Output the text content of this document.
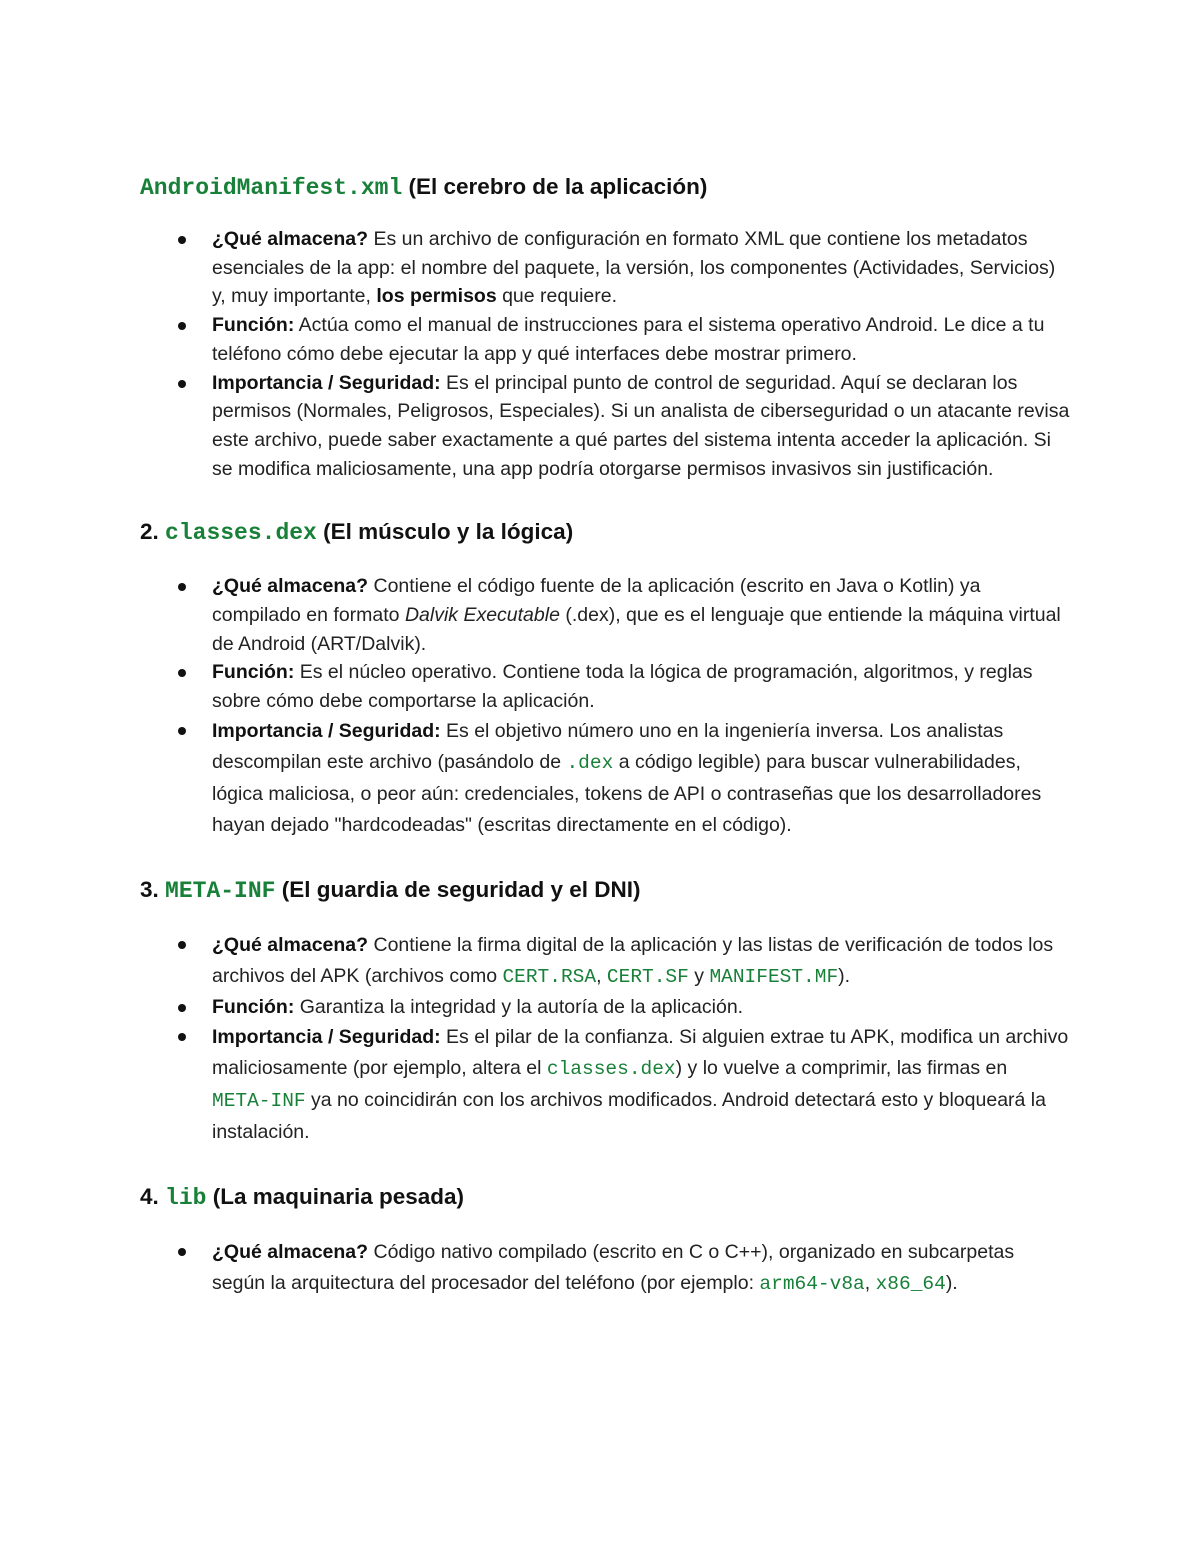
AndroidManifest.xml (El cerebro de la aplicación)
¿Qué almacena? Es un archivo de configuración en formato XML que contiene los metadatos esenciales de la app: el nombre del paquete, la versión, los componentes (Actividades, Servicios) y, muy importante, los permisos que requiere.
Función: Actúa como el manual de instrucciones para el sistema operativo Android. Le dice a tu teléfono cómo debe ejecutar la app y qué interfaces debe mostrar primero.
Importancia / Seguridad: Es el principal punto de control de seguridad. Aquí se declaran los permisos (Normales, Peligrosos, Especiales). Si un analista de ciberseguridad o un atacante revisa este archivo, puede saber exactamente a qué partes del sistema intenta acceder la aplicación. Si se modifica maliciosamente, una app podría otorgarse permisos invasivos sin justificación.
2. classes.dex (El músculo y la lógica)
¿Qué almacena? Contiene el código fuente de la aplicación (escrito en Java o Kotlin) ya compilado en formato Dalvik Executable (.dex), que es el lenguaje que entiende la máquina virtual de Android (ART/Dalvik).
Función: Es el núcleo operativo. Contiene toda la lógica de programación, algoritmos, y reglas sobre cómo debe comportarse la aplicación.
Importancia / Seguridad: Es el objetivo número uno en la ingeniería inversa. Los analistas descompilan este archivo (pasándolo de .dex a código legible) para buscar vulnerabilidades, lógica maliciosa, o peor aún: credenciales, tokens de API o contraseñas que los desarrolladores hayan dejado "hardcodeadas" (escritas directamente en el código).
3. META-INF (El guardia de seguridad y el DNI)
¿Qué almacena? Contiene la firma digital de la aplicación y las listas de verificación de todos los archivos del APK (archivos como CERT.RSA, CERT.SF y MANIFEST.MF).
Función: Garantiza la integridad y la autoría de la aplicación.
Importancia / Seguridad: Es el pilar de la confianza. Si alguien extrae tu APK, modifica un archivo maliciosamente (por ejemplo, altera el classes.dex) y lo vuelve a comprimir, las firmas en META-INF ya no coincidirán con los archivos modificados. Android detectará esto y bloqueará la instalación.
4. lib (La maquinaria pesada)
¿Qué almacena? Código nativo compilado (escrito en C o C++), organizado en subcarpetas según la arquitectura del procesador del teléfono (por ejemplo: arm64-v8a, x86_64).
